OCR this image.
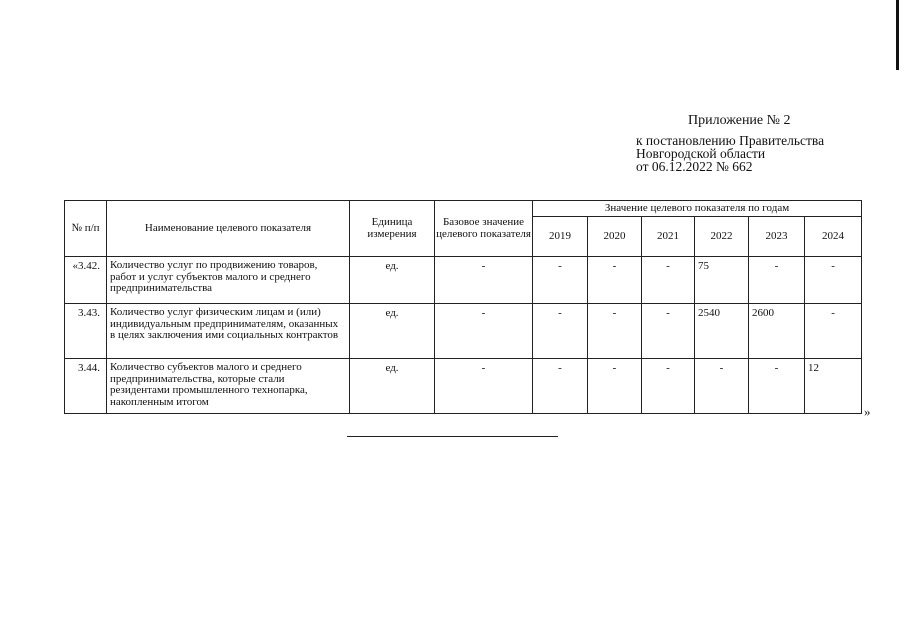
Приложение № 2
к постановлению Правительства
Новгородской области
от 06.12.2022 № 662
№ п/п	Наименование целевого показателя	Единица измерения	Базовое значение целевого показателя	Значение целевого показателя по годам					
				2019	2020	2021	2022	2023	2024
«3.42.	Количество услуг по продвижению товаров, работ и услуг субъектов малого и среднего предпринимательства	ед.	-	-	-	-	75	-	-
3.43.	Количество услуг физическим лицам и (или) индивидуальным предпринимателям, оказанных в целях заключения ими социальных контрактов	ед.	-	-	-	-	2540	2600	-
3.44.	Количество субъектов малого и среднего предпринимательства, которые стали резидентами промышленного технопарка, накопленным итогом	ед.	-	-	-	-	-	-	12
»
